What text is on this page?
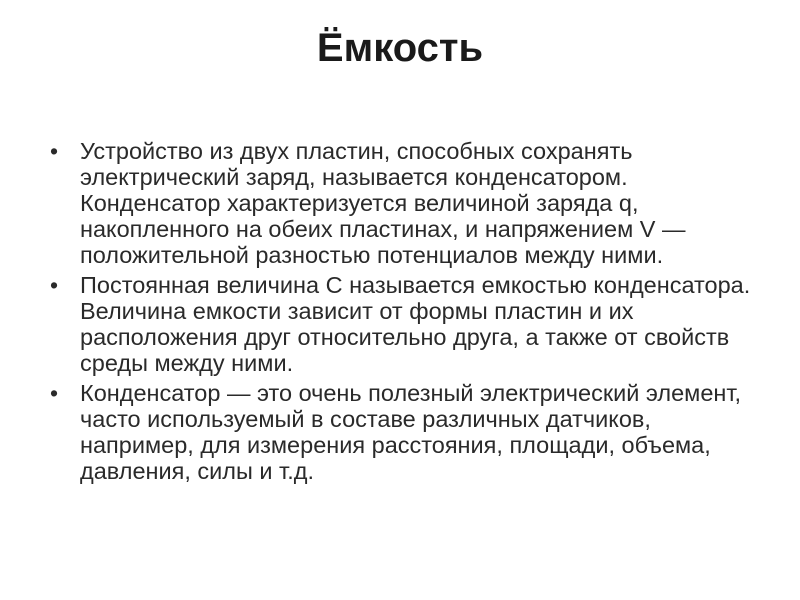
Ёмкость
• Устройство из двух пластин, способных сохранять электрический заряд, называется конденсатором. Конденсатор характеризуется величиной заряда q, накопленного на обеих пластинах, и напряжением V — положительной разностью потенциалов между ними.
• Постоянная величина C называется емкостью конденсатора. Величина емкости зависит от формы пластин и их расположения друг относительно друга, а также от свойств среды между ними.
• Конденсатор — это очень полезный электрический элемент, часто используемый в составе различных датчиков, например, для измерения расстояния, площади, объема, давления, силы и т.д.
